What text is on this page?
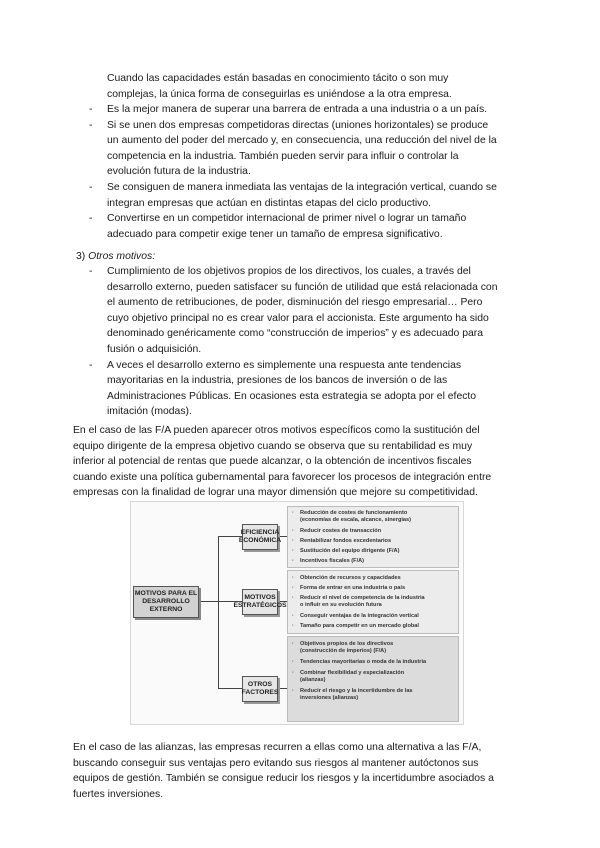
Cuando las capacidades están basadas en conocimiento tácito o son muy
complejas, la única forma de conseguirlas es uniéndose a la otra empresa.
- Es la mejor manera de superar una barrera de entrada a una industria o a un país.
- Si se unen dos empresas competidoras directas (uniones horizontales) se produce
un aumento del poder del mercado y, en consecuencia, una reducción del nivel de la
competencia en la industria. También pueden servir para influir o controlar la
evolución futura de la industria.
- Se consiguen de manera inmediata las ventajas de la integración vertical, cuando se
integran empresas que actúan en distintas etapas del ciclo productivo.
- Convertirse en un competidor internacional de primer nivel o lograr un tamaño
adecuado para competir exige tener un tamaño de empresa significativo.
3) Otros motivos:
- Cumplimiento de los objetivos propios de los directivos, los cuales, a través del
desarrollo externo, pueden satisfacer su función de utilidad que está relacionada con
el aumento de retribuciones, de poder, disminución del riesgo empresarial… Pero
cuyo objetivo principal no es crear valor para el accionista. Este argumento ha sido
denominado genéricamente como “construcción de imperios” y es adecuado para
fusión o adquisición.
- A veces el desarrollo externo es simplemente una respuesta ante tendencias
mayoritarias en la industria, presiones de los bancos de inversión o de las
Administraciones Públicas. En ocasiones esta estrategia se adopta por el efecto
imitación (modas).
En el caso de las F/A pueden aparecer otros motivos específicos como la sustitución del
equipo dirigente de la empresa objetivo cuando se observa que su rentabilidad es muy
inferior al potencial de rentas que puede alcanzar, o la obtención de incentivos fiscales
cuando existe una política gubernamental para favorecer los procesos de integración entre
empresas con la finalidad de lograr una mayor dimensión que mejore su competitividad.
MOTIVOS PARA EL
DESARROLLO
EXTERNO
EFICIENCIA
ECONÓMICA
· Reducción de costes de funcionamiento
(economías de escala, alcance, sinergias)
· Reducir costes de transacción
· Rentabilizar fondos excedentarios
· Sustitución del equipo dirigente (F/A)
· Incentivos fiscales (F/A)
MOTIVOS
ESTRATÉGICOS
· Obtención de recursos y capacidades
· Forma de entrar en una industria o país
· Reducir el nivel de competencia de la industria
o influir en su evolución futura
· Conseguir ventajas de la integración vertical
· Tamaño para competir en un mercado global
OTROS
FACTORES
· Objetivos propios de los directivos
(construcción de imperios) (F/A)
· Tendencias mayoritarias o moda de la industria
· Combinar flexibilidad y especialización
(alianzas)
· Reducir el riesgo y la incertidumbre de las
inversiones (alianzas)
En el caso de las alianzas, las empresas recurren a ellas como una alternativa a las F/A,
buscando conseguir sus ventajas pero evitando sus riesgos al mantener autóctonos sus
equipos de gestión. También se consigue reducir los riesgos y la incertidumbre asociados a
fuertes inversiones.
